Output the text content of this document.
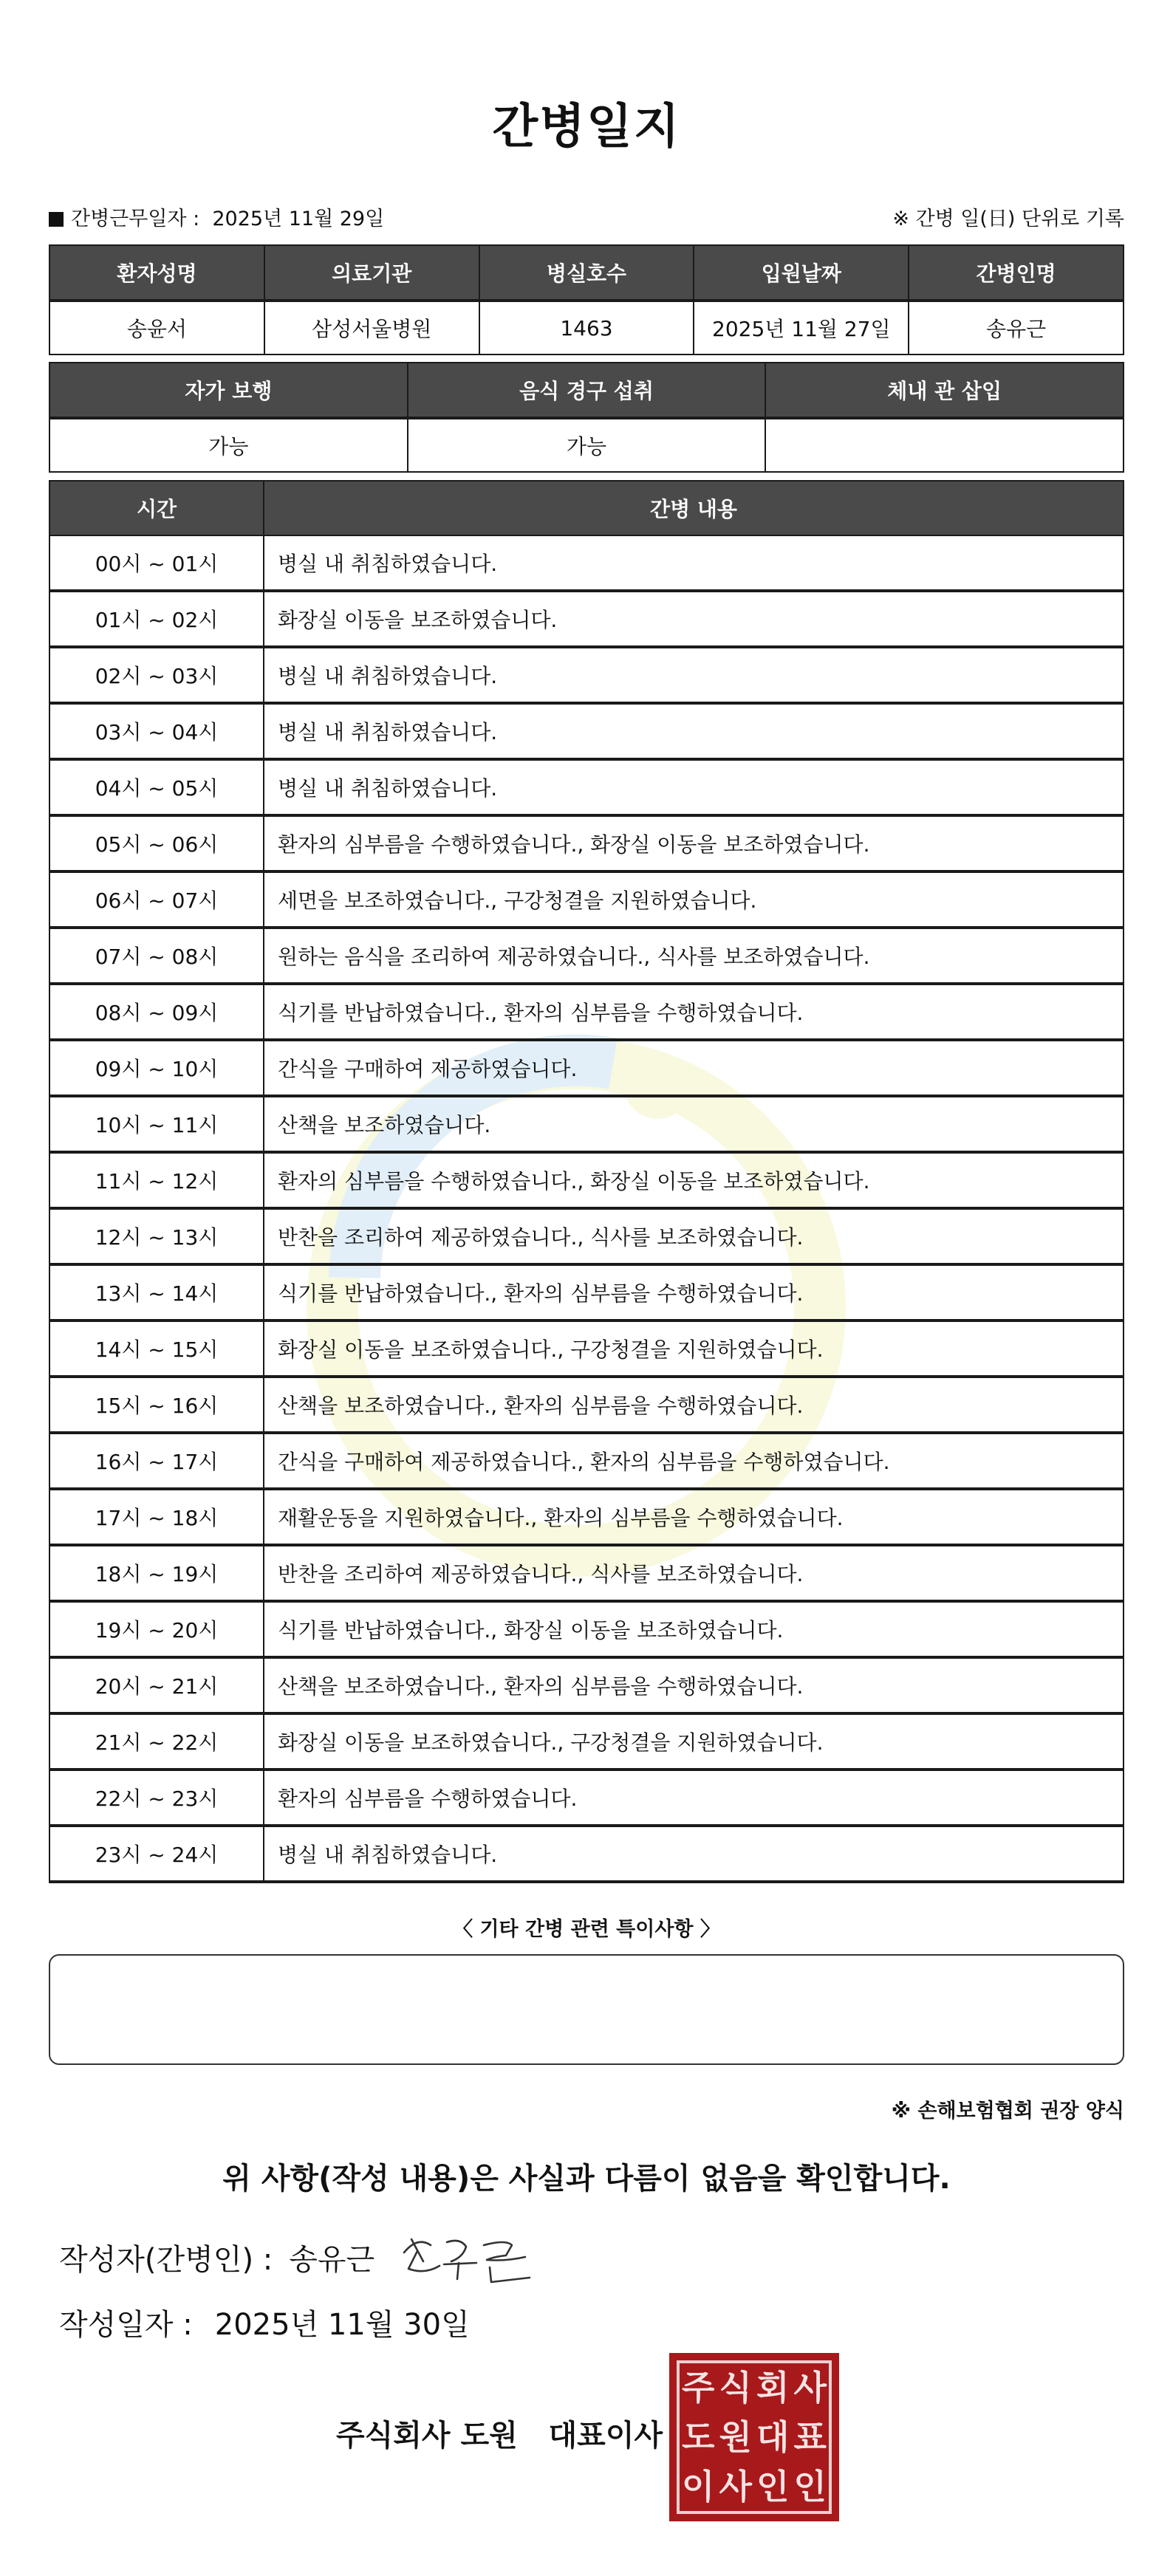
간병일지
간병근무일자 : 2025년 11월 29일	※ 간병 일(日) 단위로 기록
환자성명	의료기관	병실호수	입원날짜	간병인명
송윤서	삼성서울병원	1463	2025년 11월 27일	송유근
자가 보행	음식 경구 섭취	체내 관 삽입
가능	가능	
시간	간병 내용
00시 ~ 01시	병실 내 취침하였습니다.
01시 ~ 02시	화장실 이동을 보조하였습니다.
02시 ~ 03시	병실 내 취침하였습니다.
03시 ~ 04시	병실 내 취침하였습니다.
04시 ~ 05시	병실 내 취침하였습니다.
05시 ~ 06시	환자의 심부름을 수행하였습니다., 화장실 이동을 보조하였습니다.
06시 ~ 07시	세면을 보조하였습니다., 구강청결을 지원하였습니다.
07시 ~ 08시	원하는 음식을 조리하여 제공하였습니다., 식사를 보조하였습니다.
08시 ~ 09시	식기를 반납하였습니다., 환자의 심부름을 수행하였습니다.
09시 ~ 10시	간식을 구매하여 제공하였습니다.
10시 ~ 11시	산책을 보조하였습니다.
11시 ~ 12시	환자의 심부름을 수행하였습니다., 화장실 이동을 보조하였습니다.
12시 ~ 13시	반찬을 조리하여 제공하였습니다., 식사를 보조하였습니다.
13시 ~ 14시	식기를 반납하였습니다., 환자의 심부름을 수행하였습니다.
14시 ~ 15시	화장실 이동을 보조하였습니다., 구강청결을 지원하였습니다.
15시 ~ 16시	산책을 보조하였습니다., 환자의 심부름을 수행하였습니다.
16시 ~ 17시	간식을 구매하여 제공하였습니다., 환자의 심부름을 수행하였습니다.
17시 ~ 18시	재활운동을 지원하였습니다., 환자의 심부름을 수행하였습니다.
18시 ~ 19시	반찬을 조리하여 제공하였습니다., 식사를 보조하였습니다.
19시 ~ 20시	식기를 반납하였습니다., 화장실 이동을 보조하였습니다.
20시 ~ 21시	산책을 보조하였습니다., 환자의 심부름을 수행하였습니다.
21시 ~ 22시	화장실 이동을 보조하였습니다., 구강청결을 지원하였습니다.
22시 ~ 23시	환자의 심부름을 수행하였습니다.
23시 ~ 24시	병실 내 취침하였습니다.
〈 기타 간병 관련 특이사항 〉
※ 손해보험협회 권장 양식
위 사항(작성 내용)은 사실과 다름이 없음을 확인합니다.
작성자(간병인) : 송유근
작성일자 : 2025년 11월 30일
주식회사 도원   대표이사
주 식 회 사
도 원 대 표
이 사 인 인
